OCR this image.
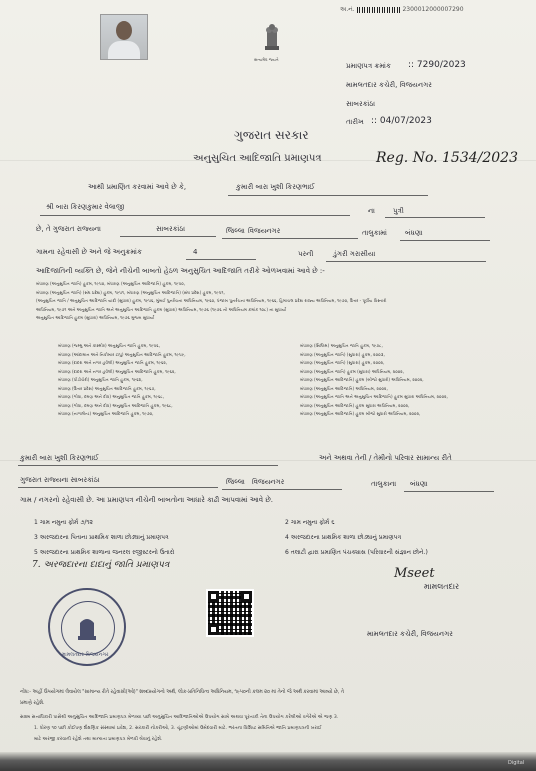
સત્યમેવ જયતે
અ.નં.	2300012000007290
પ્રમાણપત્ર ક્રમાંક :: 7290/2023
મામલતદાર કચેરી, વિજયનગર
સાબરકાંઠા
તારીખ :: 04/07/2023
ગુજરાત સરકાર
અનુસુચિત આદિજાતિ પ્રમાણપત્ર	Reg. No. 1534/2023
આથી પ્રમાણિત કરવામાં આવે છે કે,	કુમારી બારા ખુશી કિરણભાઈ
શ્રી બારા કિરણકુમાર વેલાજી	ના	પુત્રી
છે, તે ગુજરાત રાજ્યના	સાબરકાંઠા	જિલ્લા વિજયનગર	તાલુકામાં	બંધણા
ગામના રહેવાસી છે અને જે અનુક્રમાંક	4	પરની	ડુંગરી ગરાસીયા
આદિજાતિની વ્યક્તિ છે, જેને નીચેની બાબતો હેઠળ અનુસુચિત આદિજાતિ તરીકે ઓળખવામાં આવે છે :-
બંધારણ (અનુસુચિત જાતિ) હુકમ, ૧૯૫૦, બંધારણ (અનુસુચિત આદિજાતિ) હુકમ, ૧૯૫૦,
બંધારણ (અનુસુચિત જાતિ) (સંઘ પ્રદેશ) હુકમ, ૧૯૫૧, બંધારણ (અનુસુચિત આદિજાતિ) (સંઘ પ્રદેશ) હુકમ, ૧૯૫૧,
(અનુસુચિત જાતિ / અનુસુચિત આદિજાતિ યાદી (સુધારા) હુકમ, ૧૯૫૬, મુંબઈ પુનર્રચના અધિનિયમ, ૧૯૬૦, પંજાબ પુનર્રચના અધિનિયમ, ૧૯૬૬, હિમાચલ પ્રદેશ રાજ્ય અધિનિયમ, ૧૯૭૦, ઉત્તર - પૂર્વીય વિસ્તારો
અધિનિયમ, ૧૯૭૧ અને અનુસુચિત જાતિ અને અનુસુચિત આદિજાતિ હુકમ (સુધારા) અધિનિયમ, ૧૯૭૬ (૧૯૭૬ નો અધિનિયમ ક્રમાંક ૧૦૮) ના સુધાર્યા
અનુસુચિત આદિજાતિ હુકમ (સુધારા) અધિનિયમ, ૧૯૭૬ મુજબ સુધાર્યા
બંધારણ (જમ્મુ અને કાશ્મીર) અનુસુચિત જાતિ હુકમ, ૧૯૫૬,
બંધારણ (આંદામાન અને નિકોબાર ટાપુ) અનુસુચિત આદિજાતિ હુકમ, ૧૯૫૯,
બંધારણ (દાદરા અને નગર હવેલી) અનુસુચિત જાતિ હુકમ, ૧૯૬૨,
બંધારણ (દાદરા અને નગર હવેલી) અનુસુચિત આદિજાતિ હુકમ, ૧૯૬૨,
બંધારણ (પોંડીચેરી) અનુસુચિત જાતિ હુકમ, ૧૯૬૪,
બંધારણ (ઉત્તર પ્રદેશ) અનુસુચિત આદિજાતિ હુકમ, ૧૯૬૭,
બંધારણ (ગોવા, દમણ અને દીવ) અનુસુચિત જાતિ હુકમ, ૧૯૬૮,
બંધારણ (ગોવા, દમણ અને દીવ) અનુસુચિત આદિજાતિ હુકમ, ૧૯૬૮,
બંધારણ (નાગાલેન્ડ) અનુસુચિત આદિજાતિ હુકમ, ૧૯૭૦,
બંધારણ (સિક્કિમ) અનુસુચિત જાતિ હુકમ, ૧૯૭૮,
બંધારણ (અનુસુચિત જાતિ) (સુધારા) હુકમ, ૨૦૦૩,
બંધારણ (અનુસુચિત જાતિ) (સુધારા) હુકમ, ૨૦૦૨,
બંધારણ (અનુસુચિત જાતિ) હુકમ (સુધારા) અધિનિયમ, ૨૦૦૨,
બંધારણ (અનુસુચિત આદિજાતિ) હુકમ (બીજો સુધારો) અધિનિયમ, ૨૦૦૨,
બંધારણ (અનુસુચિત આદિજાતિ) અધિનિયમ, ૨૦૦૨,
બંધારણ (અનુસુચિત જાતિ અને અનુસુચિત આદિજાતિ) હુકમ સુધારા અધિનિયમ, ૨૦૦૨,
બંધારણ (અનુસુચિત આદિજાતિ) હુકમ સુધારા અધિનિયમ, ૨૦૦૨,
બંધારણ (અનુસુચિત આદિજાતિ) હુકમ બીજો સુધારો અધિનિયમ, ૨૦૦૨,
કુમારી બારા ખુશી કિરણભાઈ	અને અથવા તેની / તેમીનો પરિવાર સામાન્ય રીતે
ગુજરાત રાજ્યના સાબરકાંઠા	જિલ્લા વિજયનગર	તાલુકાના બંધણા
ગામ / નગરનો રહેવાસી છે. આ પ્રમાણપત્ર નીચેની બાબતોના આધારે કાઢી આપવામાં આવે છે.
1 ગામ નમુના ફોર્મ ૭/૧૨
3 અરજદારના પિતાના પ્રાથમિક શાળા છોડ્યાનું પ્રમાણપત્ર
5 અરજદારના પ્રાથમિક શાળાના જનરલ રજીસ્ટરનો ઉતારો
2 ગામ નમુના ફોર્મ ૬
4 અરજદારના પ્રાથમિક શાળા છોડ્યાનું પ્રમાણપત્ર
6 તલાટી દ્વારા પ્રમાણિત પંચક્યાસ (પરિવારની સંજ્ઞાન છોને.)
7. અરજદારના દાદાનું જાતિ પ્રમાણપત્ર
મામલતદાર વિજયનગર
Mseet
મામલતદાર
મામલતદાર કચેરી, વિજયનગર
નોંધ:- અહીં ઉપયોગમાં લેવાયેલ "સામાન્ય રીતે રહેવાસી(ઓ)" શબ્દપ્રયોગનો અર્થ, લોક-પ્રતિનિધિત્વ અધિનિયમ, ૧૯૫૦ની કલમ ૨૦ માં તેનો જે અર્થ કરવામાં આવ્યો છે, તે
પ્રમાણે રહેશે.
સક્ષમ સત્તાધિકારી પાસેથી અનુસુચિત આદિજાતિ પ્રમાણપત્ર મેળવ્યા પછી અનુસુચિત આદિજાતિઓએ ઉપયોગ સામે અથવા પૂરતાકી તેના ઉપયોગ કરેલીઓ વગેરેએ એ જણ 3.
1. ધોરણ ૧૦ પછી કોઈપણ શૈક્ષણિક સંસ્થામાં પ્રવેશ, 2. સરકારી નોકરીઓ, 3. ચૂંટણીઓમાં ઉમેદવારી માટે. ભરતના વિશિષ્ટ સમિતિએ જાતિ પ્રમાણપત્રની ખરાઈ
માટે અરજી કરવાની રહેશે તથા માન્યતા પ્રમાણપત્ર મેળવી લેવાનું રહેશે.
Digital
